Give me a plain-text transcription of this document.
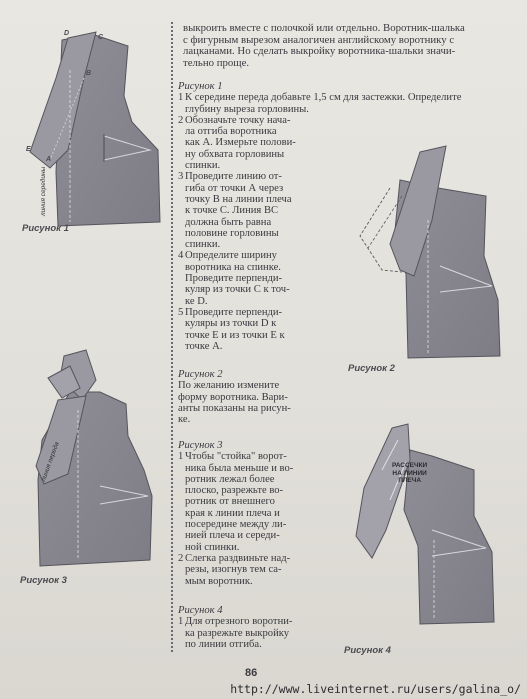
D
C
B
E
A
линия середины
линия переда	РАССЕЧКИ
НА ЛИНИИ
ПЛЕЧА
Рисунок 1
Рисунок 2
Рисунок 3
Рисунок 4
выкроить вместе с полочкой или отдельно. Воротник-шалька
с фигурным вырезом аналогичен английскому воротнику с
лацканами. Но сделать выкройку воротника-шальки значи-
тельно проще.

Рисунок 1

1 К середине переда добавьте 1,5 см для застежки. Определите

глубину выреза горловины.

2 Обозначьте точку нача-

ла отгиба воротника

как А. Измерьте полови-

ну обхвата горловины

спинки.

3 Проведите линию от-

гиба от точки А через

точку В на линии плеча

к точке С. Линия ВС

должна быть равна

половине горловины

спинки.

4 Определите ширину

воротника на спинке.

Проведите перпенди-

куляр из точки С к точ-

ке D.

5 Проведите перпенди-

куляры из точки D к

точке Е и из точки Е к

точке А.

Рисунок 2

По желанию измените

форму воротника. Вари-

анты показаны на рисун-

ке.

Рисунок 3

1 Чтобы "стойка" ворот-

ника была меньше и во-

ротник лежал более

плоско, разрежьте во-

ротник от внешнего

края к линии плеча и

посередине между ли-

нией плеча и середи-

ной спинки.

2 Слегка раздвиньте над-

резы, изогнув тем са-

мым воротник.

Рисунок 4

1 Для отрезного воротни-

ка разрежьте выкройку

по линии отгиба.

86
http://www.liveinternet.ru/users/galina_o/
